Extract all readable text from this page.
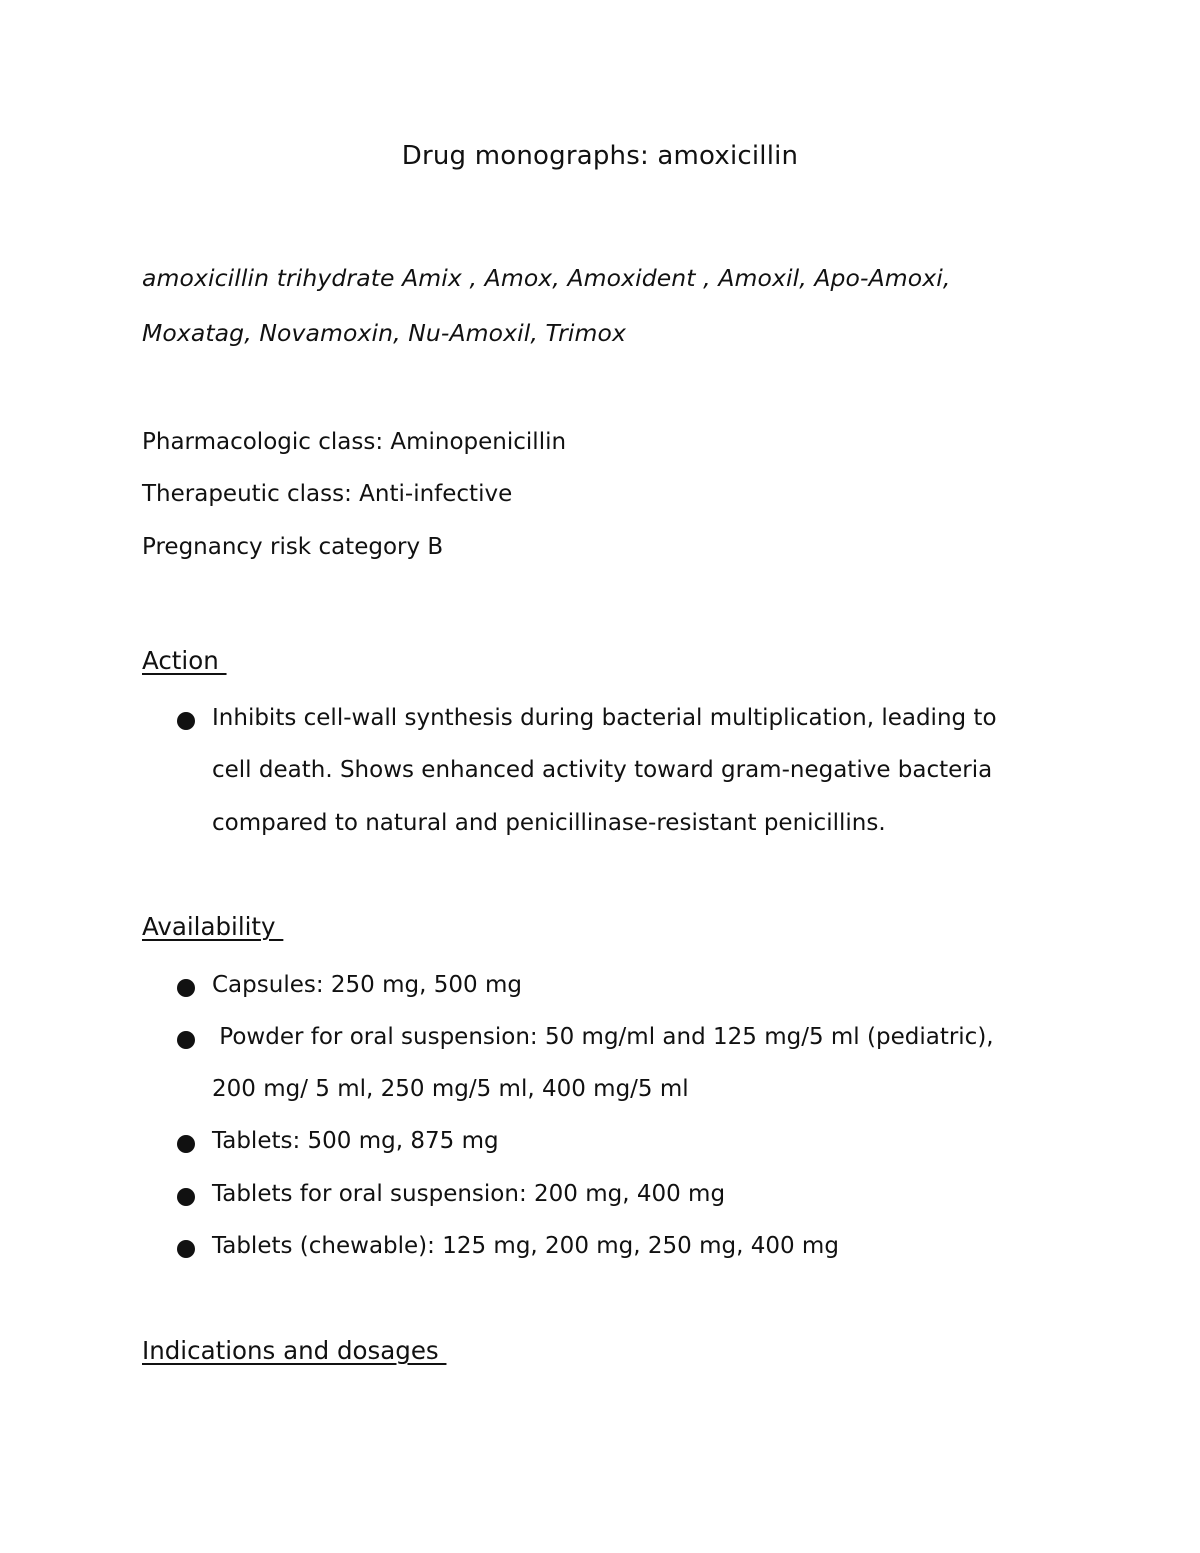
Drug monographs: amoxicillin
amoxicillin trihydrate Amix , Amox, Amoxident , Amoxil, Apo-Amoxi,
Moxatag, Novamoxin, Nu-Amoxil, Trimox
Pharmacologic class: Aminopenicillin
Therapeutic class: Anti-infective
Pregnancy risk category B
Action
Inhibits cell-wall synthesis during bacterial multiplication, leading to
cell death. Shows enhanced activity toward gram-negative bacteria
compared to natural and penicillinase-resistant penicillins.
Availability
Capsules: 250 mg, 500 mg
Powder for oral suspension: 50 mg/ml and 125 mg/5 ml (pediatric),
200 mg/ 5 ml, 250 mg/5 ml, 400 mg/5 ml
Tablets: 500 mg, 875 mg
Tablets for oral suspension: 200 mg, 400 mg
Tablets (chewable): 125 mg, 200 mg, 250 mg, 400 mg
Indications and dosages
